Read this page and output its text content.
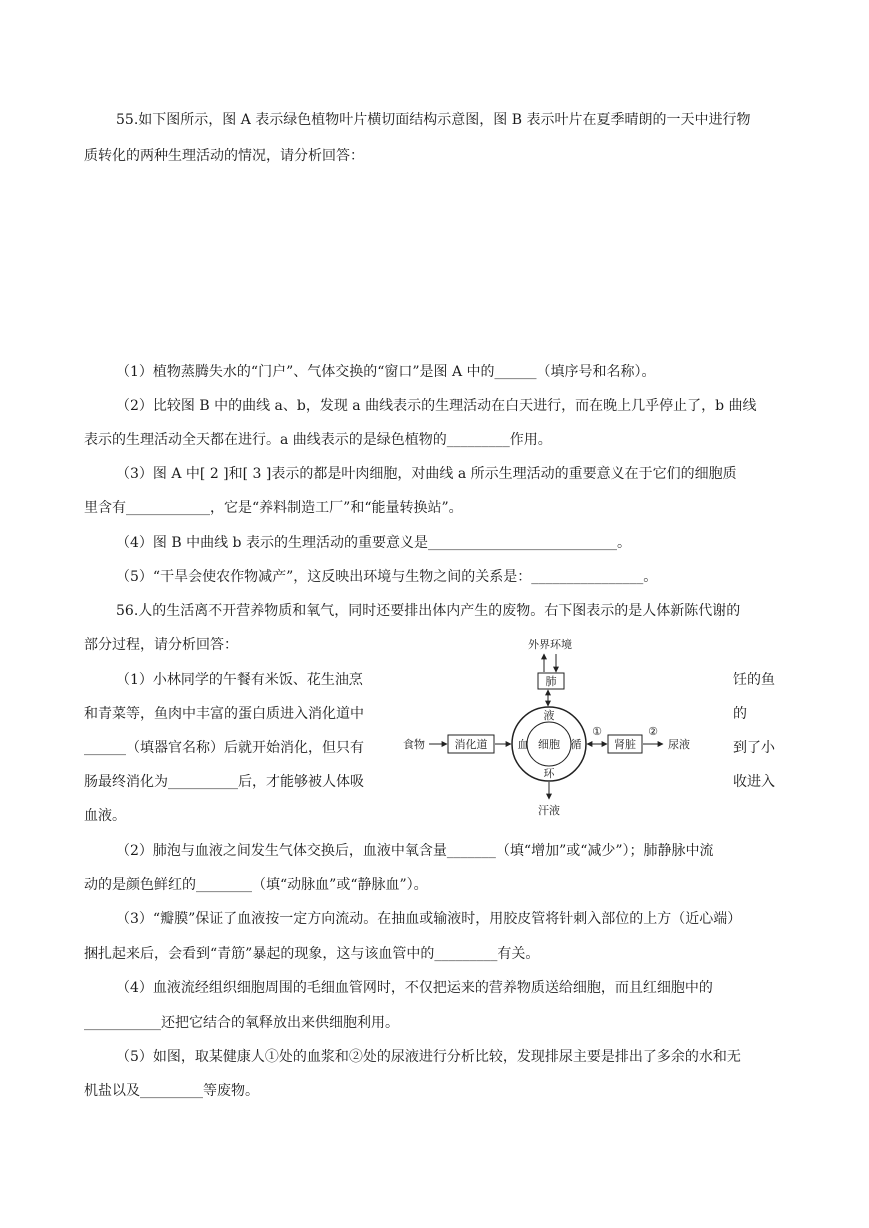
55.如下图所示，图 A 表示绿色植物叶片横切面结构示意图，图 B 表示叶片在夏季晴朗的一天中进行物
质转化的两种生理活动的情况，请分析回答：
（1）植物蒸腾失水的“门户”、气体交换的“窗口”是图 A 中的______（填序号和名称）。
（2）比较图 B 中的曲线 a、b，发现 a 曲线表示的生理活动在白天进行，而在晚上几乎停止了，b 曲线
表示的生理活动全天都在进行。a 曲线表示的是绿色植物的_________作用。
（3）图 A 中[ 2 ]和[ 3 ]表示的都是叶肉细胞，对曲线 a 所示生理活动的重要意义在于它们的细胞质
里含有____________，它是“养料制造工厂”和“能量转换站”。
（4）图 B 中曲线 b 表示的生理活动的重要意义是___________________________。
（5）“干旱会使农作物减产”，这反映出环境与生物之间的关系是：________________。
56.人的生活离不开营养物质和氧气，同时还要排出体内产生的废物。右下图表示的是人体新陈代谢的
部分过程，请分析回答：
（1）小林同学的午餐有米饭、花生油烹	饪的鱼
和青菜等，鱼肉中丰富的蛋白质进入消化道中	的
______（填器官名称）后就开始消化，但只有	到了小
肠最终消化为__________后，才能够被人体吸	收进入
血液。
外界环境
肺
细胞
液
血	循
环
食物	消化道
①
肾脏
②
尿液
汗液
（2）肺泡与血液之间发生气体交换后，血液中氧含量_______（填“增加”或“减少”）；肺静脉中流
动的是颜色鲜红的________（填“动脉血”或“静脉血”）。
（3）“瓣膜”保证了血液按一定方向流动。在抽血或输液时，用胶皮管将针刺入部位的上方（近心端）
捆扎起来后，会看到“青筋”暴起的现象，这与该血管中的_________有关。
（4）血液流经组织细胞周围的毛细血管网时，不仅把运来的营养物质送给细胞，而且红细胞中的
___________还把它结合的氧释放出来供细胞利用。
（5）如图，取某健康人①处的血浆和②处的尿液进行分析比较，发现排尿主要是排出了多余的水和无
机盐以及_________等废物。
